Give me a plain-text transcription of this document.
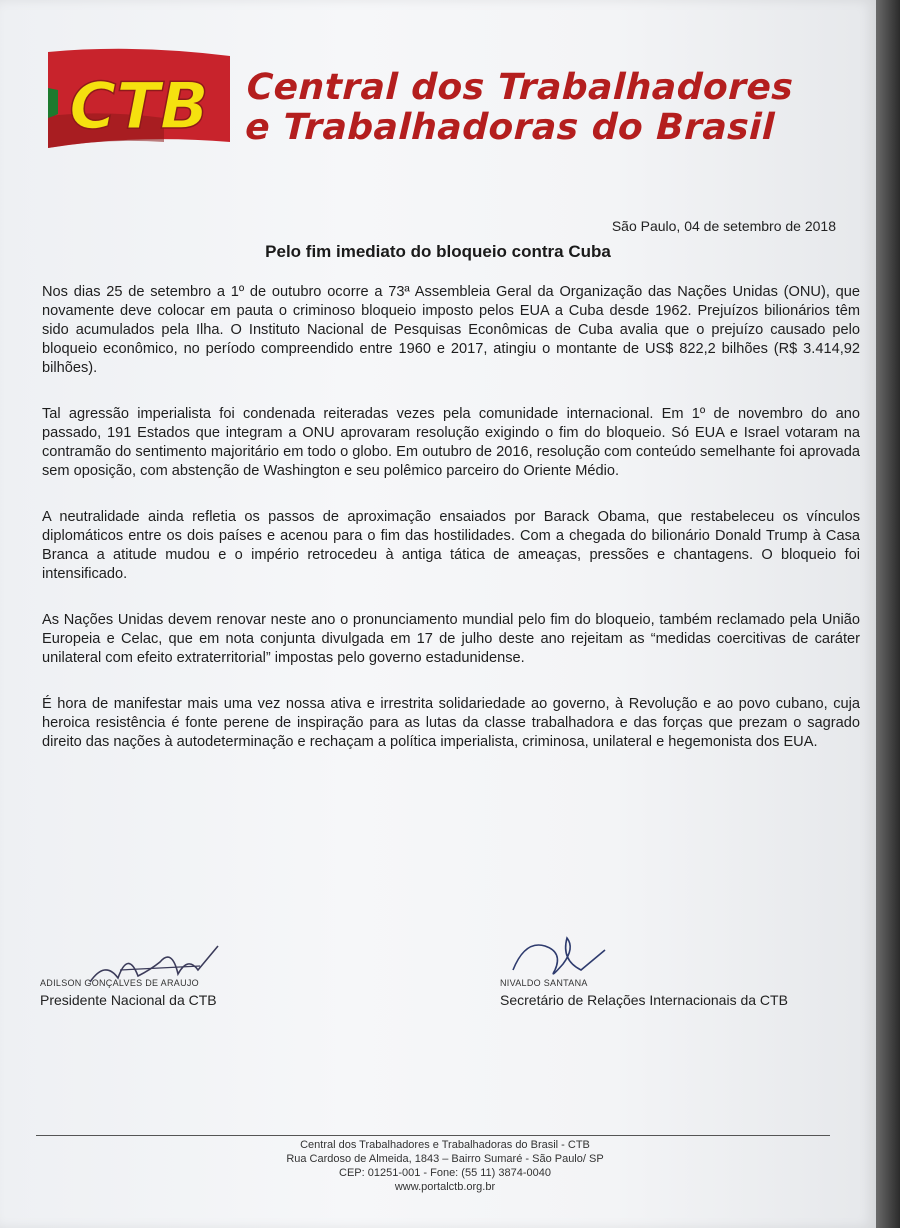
CTB Central dos Trabalhadores
e Trabalhadoras do Brasil
São Paulo, 04 de setembro de 2018
Pelo fim imediato do bloqueio contra Cuba

Nos dias 25 de setembro a 1º de outubro ocorre a 73ª Assembleia Geral da Organização das Nações Unidas (ONU), que novamente deve colocar em pauta o criminoso bloqueio imposto pelos EUA a Cuba desde 1962. Prejuízos bilionários têm sido acumulados pela Ilha. O Instituto Nacional de Pesquisas Econômicas de Cuba avalia que o prejuízo causado pelo bloqueio econômico, no período compreendido entre 1960 e 2017, atingiu o montante de US$ 822,2 bilhões (R$ 3.414,92 bilhões).

Tal agressão imperialista foi condenada reiteradas vezes pela comunidade internacional. Em 1º de novembro do ano passado, 191 Estados que integram a ONU aprovaram resolução exigindo o fim do bloqueio. Só EUA e Israel votaram na contramão do sentimento majoritário em todo o globo. Em outubro de 2016, resolução com conteúdo semelhante foi aprovada sem oposição, com abstenção de Washington e seu polêmico parceiro do Oriente Médio.

A neutralidade ainda refletia os passos de aproximação ensaiados por Barack Obama, que restabeleceu os vínculos diplomáticos entre os dois países e acenou para o fim das hostilidades. Com a chegada do bilionário Donald Trump à Casa Branca a atitude mudou e o império retrocedeu à antiga tática de ameaças, pressões e chantagens. O bloqueio foi intensificado.

As Nações Unidas devem renovar neste ano o pronunciamento mundial pelo fim do bloqueio, também reclamado pela União Europeia e Celac, que em nota conjunta divulgada em 17 de julho deste ano rejeitam as “medidas coercitivas de caráter unilateral com efeito extraterritorial” impostas pelo governo estadunidense.

É hora de manifestar mais uma vez nossa ativa e irrestrita solidariedade ao governo, à Revolução e ao povo cubano, cuja heroica resistência é fonte perene de inspiração para as lutas da classe trabalhadora e das forças que prezam o sagrado direito das nações à autodeterminação e rechaçam a política imperialista, criminosa, unilateral e hegemonista dos EUA.

ADILSON GONÇALVES DE ARAUJO
Presidente Nacional da CTB
NIVALDO SANTANA
Secretário de Relações Internacionais da CTB
Central dos Trabalhadores e Trabalhadoras do Brasil - CTB
Rua Cardoso de Almeida, 1843 – Bairro Sumaré - São Paulo/ SP
CEP: 01251-001 - Fone: (55 11) 3874-0040
www.portalctb.org.br
